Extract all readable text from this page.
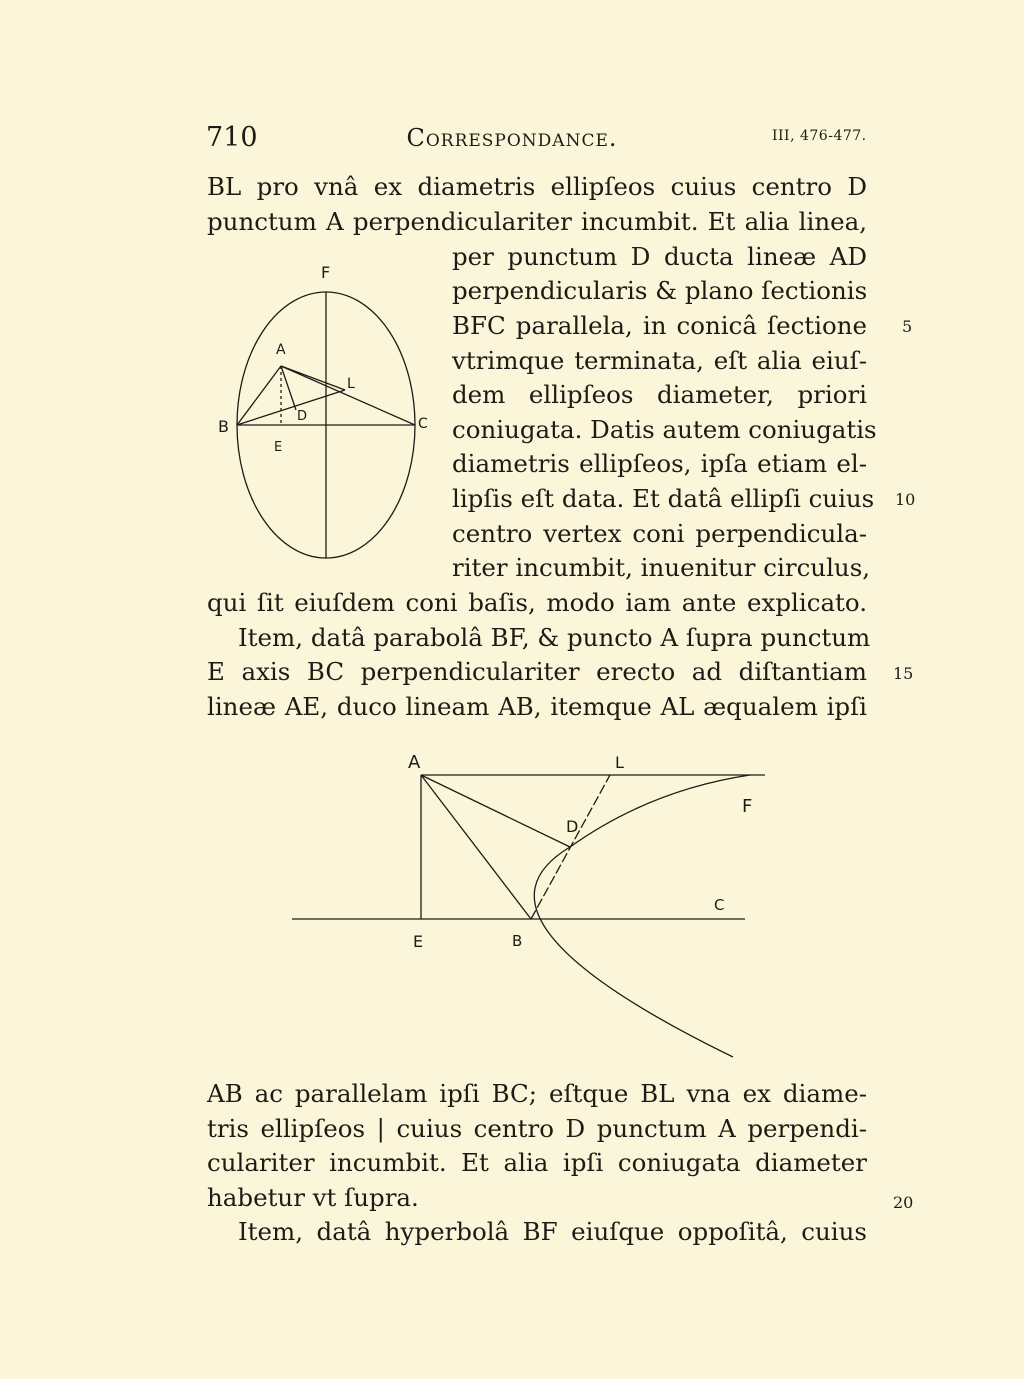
710	Correspondance.	III, 476-477.
BL pro vnâ ex diametris ellipſeos cuius centro D
punctum A perpendiculariter incumbit. Et alia linea,
per punctum D ducta lineæ AD
perpendicularis & plano ſectionis
BFC parallela, in conicâ ſectione
vtrimque terminata, eſt alia eiuſ-
dem ellipſeos diameter, priori
coniugata. Datis autem coniugatis
diametris ellipſeos, ipſa etiam el-
lipſis eſt data. Et datâ ellipſi cuius
centro vertex coni perpendicula-
riter incumbit, inuenitur circulus,
qui ſit eiuſdem coni baſis, modo iam ante explicato.
Item, datâ parabolâ BF, & puncto A ſupra punctum
E axis BC perpendiculariter erecto ad diſtantiam
lineæ AE, duco lineam AB, itemque AL æqualem ipſi
AB ac parallelam ipſi BC; eſtque BL vna ex diame-
tris ellipſeos | cuius centro D punctum A perpendi-
culariter incumbit. Et alia ipſi coniugata diameter
habetur vt ſupra.
Item, datâ hyperbolâ BF eiuſque oppoſitâ, cuius
5
10
15
20
F
A
L
D
B	C
E
A	L
F
D
C
E	B
